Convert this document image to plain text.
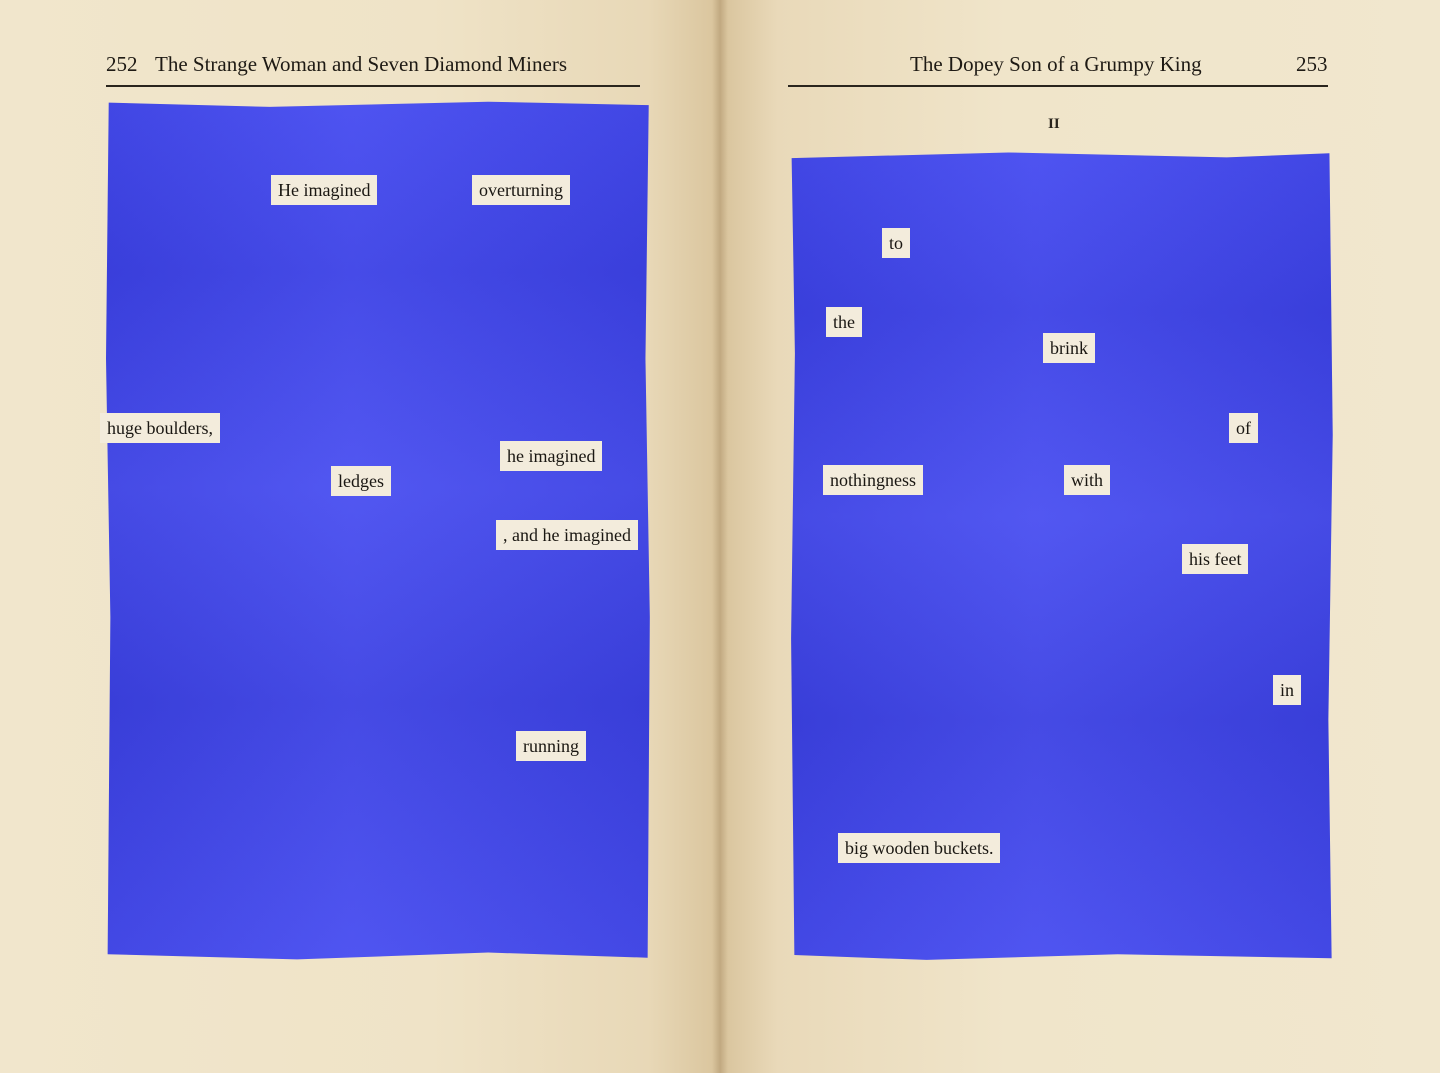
252 The Strange Woman and Seven Diamond Miners
He imagined	overturning
huge boulders,
he imagined
ledges
, and he imagined
running
The Dopey Son of a Grumpy King	253
II
to
the
brink
of
nothingness	with
his feet
in
big wooden buckets.
